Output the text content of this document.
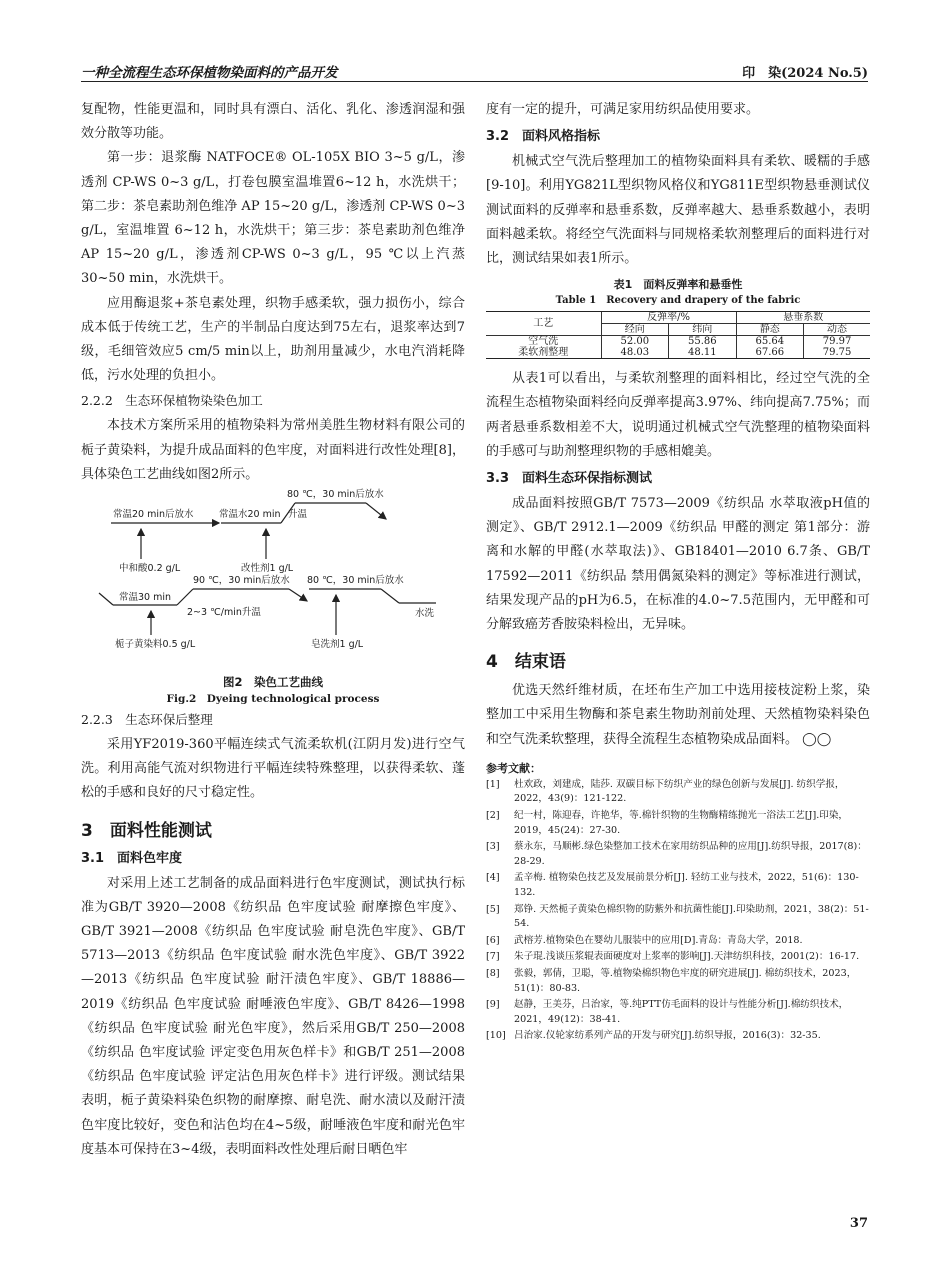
一种全流程生态环保植物染面料的产品开发	印　染(2024 No.5)

复配物，性能更温和，同时具有漂白、活化、乳化、渗透润湿和强效分散等功能。

第一步：退浆酶 NATFOCE® OL-105X BIO 3~5 g/L，渗透剂 CP-WS 0~3 g/L，打卷包膜室温堆置6~12 h，水洗烘干；第二步：茶皂素助剂色维净 AP 15~20 g/L，渗透剂 CP-WS 0~3 g/L，室温堆置 6~12 h，水洗烘干；第三步：茶皂素助剂色维净 AP 15~20 g/L，渗透剂CP-WS 0~3 g/L，95 ℃以上汽蒸30~50 min，水洗烘干。

应用酶退浆+茶皂素处理，织物手感柔软，强力损伤小，综合成本低于传统工艺，生产的半制品白度达到75左右，退浆率达到7级，毛细管效应5 cm/5 min以上，助剂用量减少，水电汽消耗降低，污水处理的负担小。

2.2.2　生态环保植物染染色加工

本技术方案所采用的植物染料为常州美胜生物材料有限公司的栀子黄染料，为提升成品面料的色牢度，对面料进行改性处理[8]，具体染色工艺曲线如图2所示。

常温20 min后放水	常温水20 min 升温
80 ℃，30 min后放水
中和酸0.2 g/L	改性剂1 g/L
常温30 min
90 ℃，30 min后放水
2~3 ℃/min升温
80 ℃，30 min后放水
水洗
栀子黄染料0.5 g/L	皂洗剂1 g/L
图2　染色工艺曲线
Fig.2　Dyeing technological process
2.2.3　生态环保后整理

采用YF2019-360平幅连续式气流柔软机(江阴月发)进行空气洗。利用高能气流对织物进行平幅连续特殊整理，以获得柔软、蓬松的手感和良好的尺寸稳定性。

3　面料性能测试
3.1　面料色牢度

对采用上述工艺制备的成品面料进行色牢度测试，测试执行标准为GB/T 3920—2008《纺织品 色牢度试验 耐摩擦色牢度》、GB/T 3921—2008《纺织品 色牢度试验 耐皂洗色牢度》、GB/T 5713—2013《纺织品 色牢度试验 耐水洗色牢度》、GB/T 3922—2013《纺织品 色牢度试验 耐汗渍色牢度》、GB/T 18886—2019《纺织品 色牢度试验 耐唾液色牢度》、GB/T 8426—1998《纺织品 色牢度试验 耐光色牢度》，然后采用GB/T 250—2008《纺织品 色牢度试验 评定变色用灰色样卡》和GB/T 251—2008《纺织品 色牢度试验 评定沾色用灰色样卡》进行评级。测试结果表明，栀子黄染料染色织物的耐摩擦、耐皂洗、耐水渍以及耐汗渍色牢度比较好，变色和沾色均在4~5级，耐唾液色牢度和耐光色牢度基本可保持在3~4级，表明面料改性处理后耐日晒色牢

度有一定的提升，可满足家用纺织品使用要求。

3.2　面料风格指标

机械式空气洗后整理加工的植物染面料具有柔软、暖糯的手感[9-10]。利用YG821L型织物风格仪和YG811E型织物悬垂测试仪测试面料的反弹率和悬垂系数，反弹率越大、悬垂系数越小，表明面料越柔软。将经空气洗面料与同规格柔软剂整理后的面料进行对比，测试结果如表1所示。

表1　面料反弹率和悬垂性
Table 1　Recovery and drapery of the fabric
工艺	反弹率/%		悬垂系数	
	经向	纬向	静态	动态
空气洗	52.00	55.86	65.64	79.97
柔软剂整理	48.03	48.11	67.66	79.75

从表1可以看出，与柔软剂整理的面料相比，经过空气洗的全流程生态植物染面料经向反弹率提高3.97%、纬向提高7.75%；而两者悬垂系数相差不大，说明通过机械式空气洗整理的植物染面料的手感可与助剂整理织物的手感相媲美。

3.3　面料生态环保指标测试

成品面料按照GB/T 7573—2009《纺织品 水萃取液pH值的测定》、GB/T 2912.1—2009《纺织品 甲醛的测定 第1部分：游离和水解的甲醛(水萃取法)》、GB18401—2010 6.7条、GB/T 17592—2011《纺织品 禁用偶氮染料的测定》等标准进行测试，结果发现产品的pH为6.5，在标准的4.0~7.5范围内，无甲醛和可分解致癌芳香胺染料检出，无异味。

4　结束语

优选天然纤维材质，在坯布生产加工中选用接枝淀粉上浆，染整加工中采用生物酶和茶皂素生物助剂前处理、天然植物染料染色和空气洗柔软整理，获得全流程生态植物染成品面料。 ◯◯

参考文献：
[1]	杜欢政，刘建成，陆莎. 双碳目标下纺织产业的绿色创新与发展[J]. 纺织学报，2022，43(9)：121-122.
[2]	纪一村，陈迎春，许艳华，等.棉针织物的生物酶精练抛光一浴法工艺[J].印染，2019，45(24)：27-30.
[3]	蔡永东，马顺彬.绿色染整加工技术在家用纺织品种的应用[J].纺织导报，2017(8)：28-29.
[4]	孟辛梅. 植物染色技艺及发展前景分析[J]. 轻纺工业与技术，2022，51(6)：130-132.
[5]	郑铮. 天然栀子黄染色棉织物的防紫外和抗菌性能[J].印染助剂，2021，38(2)：51-54.
[6]	武榕芳.植物染色在婴幼儿服装中的应用[D].青岛：青岛大学，2018.
[7]	朱子琨.浅谈压浆辊表面硬度对上浆率的影响[J].天津纺织科技，2001(2)：16-17.
[8]	张毅，郭倩，卫聪，等.植物染棉织物色牢度的研究进展[J]. 棉纺织技术，2023，51(1)：80-83.
[9]	赵静，王美芬，吕治家，等.纯PTT仿毛面料的设计与性能分析[J].棉纺织技术，2021，49(12)：38-41.
[10] 吕治家.仪轮家纺系列产品的开发与研究[J].纺织导报，2016(3)：32-35.
37
